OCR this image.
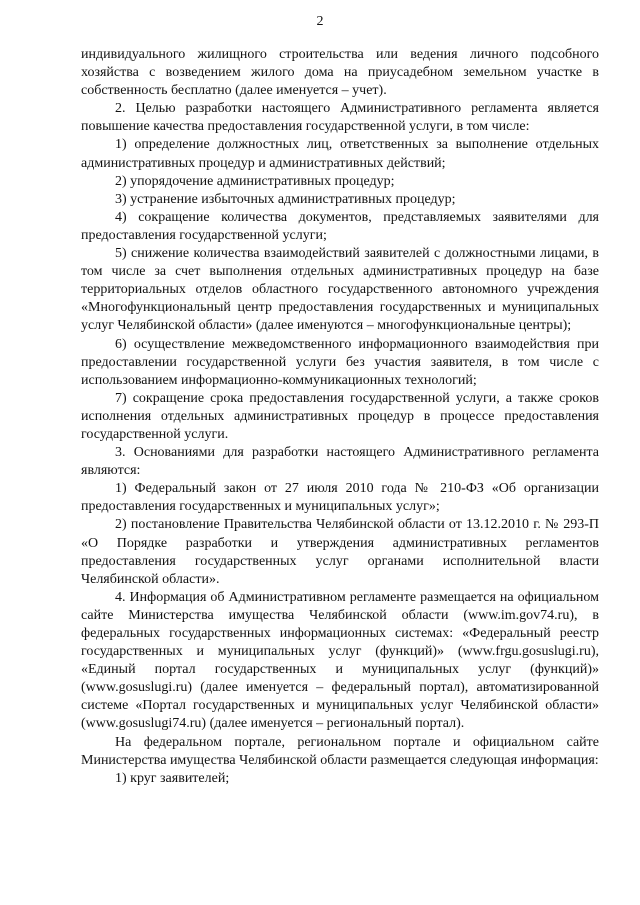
2

индивидуального жилищного строительства или ведения личного подсобного хозяйства с возведением жилого дома на приусадебном земельном участке в собственность бесплатно (далее именуется – учет).

2. Целью разработки настоящего Административного регламента является повышение качества предоставления государственной услуги, в том числе:

1) определение должностных лиц, ответственных за выполнение отдельных административных процедур и административных действий;

2) упорядочение административных процедур;

3) устранение избыточных административных процедур;

4) сокращение количества документов, представляемых заявителями для предоставления государственной услуги;

5) снижение количества взаимодействий заявителей с должностными лицами, в том числе за счет выполнения отдельных административных процедур на базе территориальных отделов областного государственного автономного учреждения «Многофункциональный центр предоставления государственных и муниципальных услуг Челябинской области» (далее именуются – многофункциональные центры);

6) осуществление межведомственного информационного взаимодействия при предоставлении государственной услуги без участия заявителя, в том числе с использованием информационно-коммуникационных технологий;

7) сокращение срока предоставления государственной услуги, а также сроков исполнения отдельных административных процедур в процессе предоставления государственной услуги.

3. Основаниями для разработки настоящего Административного регламента являются:

1) Федеральный закон от 27 июля 2010 года № 210-ФЗ «Об организации предоставления государственных и муниципальных услуг»;

2) постановление Правительства Челябинской области от 13.12.2010 г. № 293-П «О Порядке разработки и утверждения административных регламентов предоставления государственных услуг органами исполнительной власти Челябинской области».

4. Информация об Административном регламенте размещается на официальном сайте Министерства имущества Челябинской области (www.im.gov74.ru), в федеральных государственных информационных системах: «Федеральный реестр государственных и муниципальных услуг (функций)» (www.frgu.gosuslugi.ru), «Единый портал государственных и муниципальных услуг (функций)» (www.gosuslugi.ru) (далее именуется – федеральный портал), автоматизированной системе «Портал государственных и муниципальных услуг Челябинской области» (www.gosuslugi74.ru) (далее именуется – региональный портал).

На федеральном портале, региональном портале и официальном сайте Министерства имущества Челябинской области размещается следующая информация:

1) круг заявителей;
